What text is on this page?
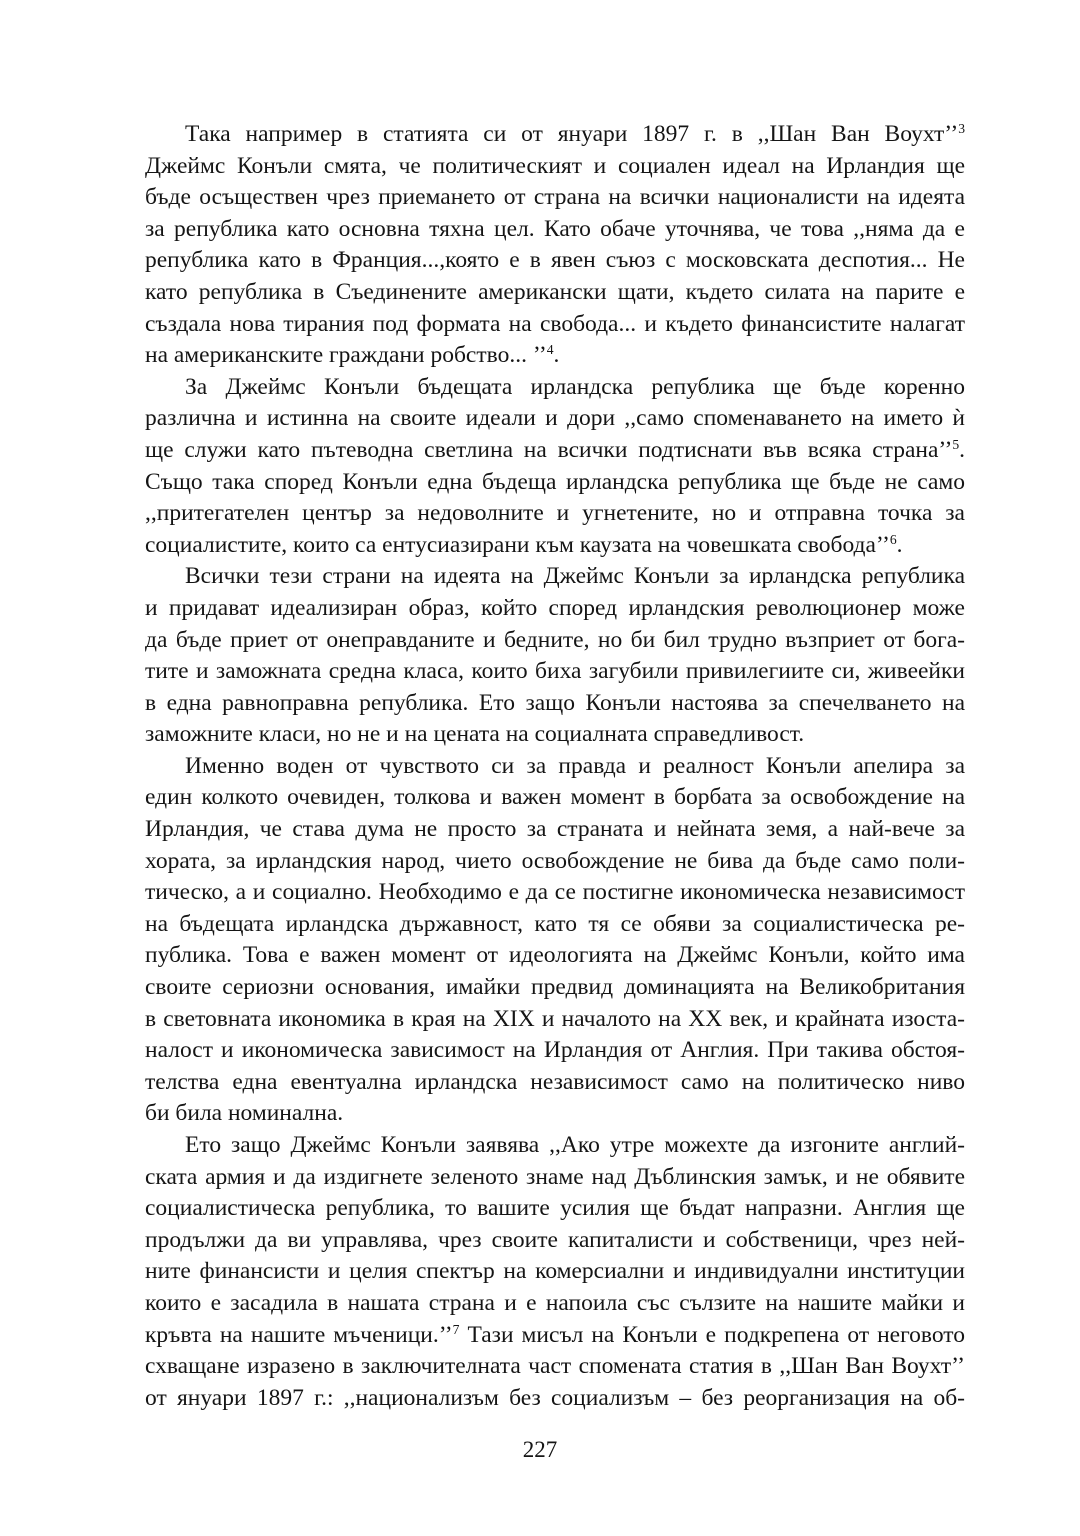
Така например в статията си от януари 1897 г. в ,,Шан Ван Воухт’’$^3$
Джеймс Конъли смята, че политическият и социален идеал на Ирландия ще
бъде осъществен чрез приемането от страна на всички националисти на идеята
за република като основна тяхна цел. Като обаче уточнява, че това ,,няма да е
република като в Франция...,която е в явен съюз с московската деспотия... Не
като република в Съединените американски щати, където силата на парите е
създала нова тирания под формата на свобода... и където финансистите налагат
на американските граждани робство... ’’$^4$.
За Джеймс Конъли бъдещата ирландска република ще бъде коренно
различна и истинна на своите идеали и дори ,,само споменаването на името ѝ
ще служи като пътеводна светлина на всички подтиснати във всяка страна’’$^5$.
Също така според Конъли една бъдеща ирландска република ще бъде не само
,,притегателен център за недоволните и угнетените, но и отправна точка за
социалистите, които са ентусиазирани към каузата на човешката свобода’’$^6$.
Всички тези страни на идеята на Джеймс Конъли за ирландска република
и придават идеализиран образ, който според ирландския революционер може
да бъде приет от онеправданите и бедните, но би бил трудно възприет от бога-
тите и заможната средна класа, които биха загубили привилегиите си, живеейки
в една равноправна република. Ето защо Конъли настоява за спечелването на
заможните класи, но не и на цената на социалната справедливост.
Именно воден от чувството си за правда и реалност Конъли апелира за
един колкото очевиден, толкова и важен момент в борбата за освобождение на
Ирландия, че става дума не просто за страната и нейната земя, а най-вече за
хората, за ирландския народ, чието освобождение не бива да бъде само поли-
тическо, а и социално. Необходимо е да се постигне икономическа независимост
на бъдещата ирландска държавност, като тя се обяви за социалистическа ре-
публика. Това е важен момент от идеологията на Джеймс Конъли, който има
своите сериозни основания, имайки предвид доминацията на Великобритания
в световната икономика в края на XIX и началото на XX век, и крайната изоста-
налост и икономическа зависимост на Ирландия от Англия. При такива обстоя-
телства една евентуална ирландска независимост само на политическо ниво
би била номинална.
Ето защо Джеймс Конъли заявява ,,Ако утре можехте да изгоните англий-
ската армия и да издигнете зеленото знаме над Дъблинския замък, и не обявите
социалистическа република, то вашите усилия ще бъдат напразни. Англия ще
продължи да ви управлява, чрез своите капиталисти и собственици, чрез ней-
ните финансисти и целия спектър на комерсиални и индивидуални институции
които е засадила в нашата страна и е напоила със сълзите на нашите майки и
кръвта на нашите мъченици.’’$^7$ Тази мисъл на Конъли е подкрепена от неговото
схващане изразено в заключителната част спомената статия в ,,Шан Ван Воухт’’
от януари 1897 г.: ,,национализъм без социализъм – без реорганизация на об-
227
